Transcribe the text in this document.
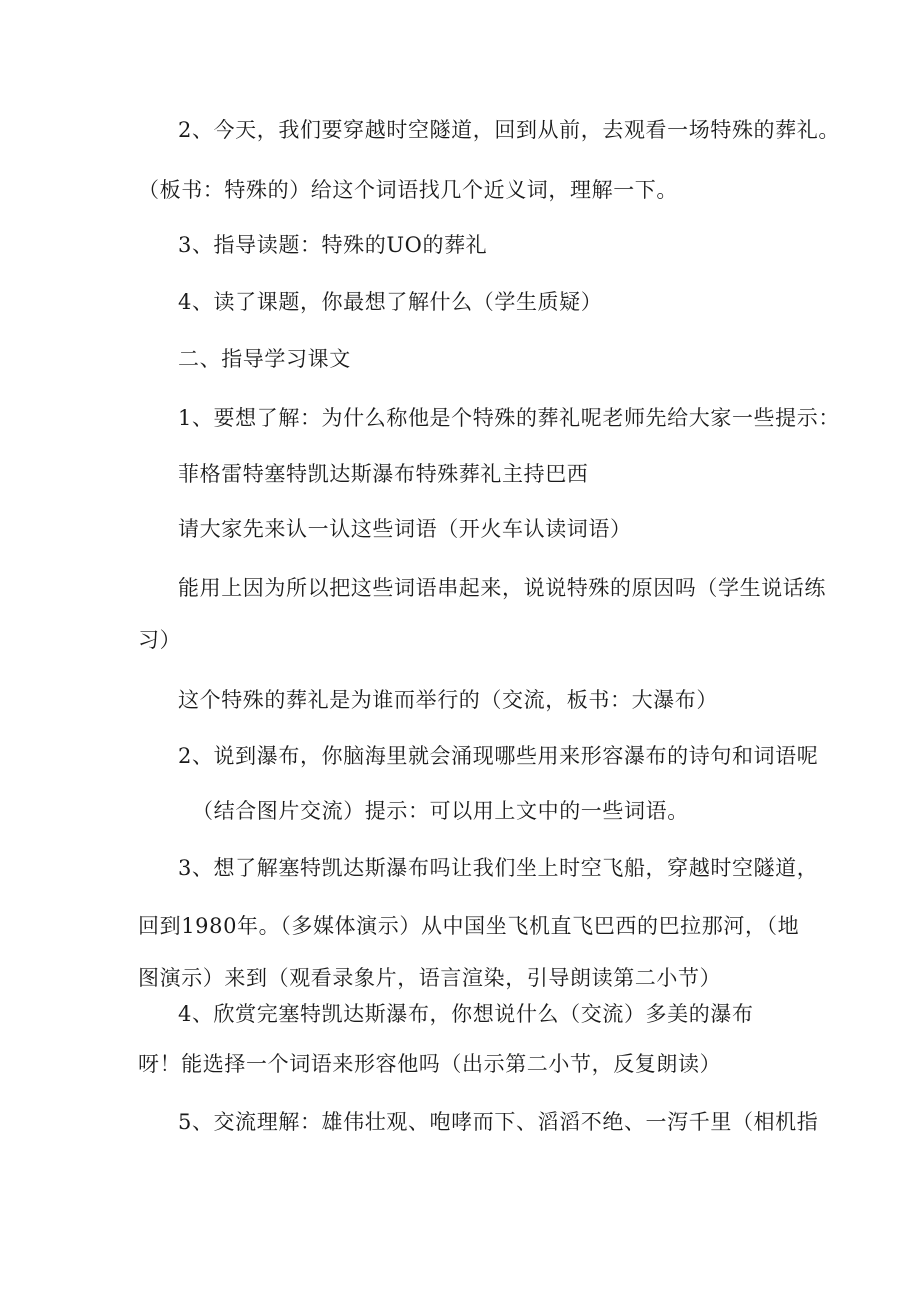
2、今天，我们要穿越时空隧道，回到从前，去观看一场特殊的葬礼。
（板书：特殊的）给这个词语找几个近义词，理解一下。
3、指导读题：特殊的UO的葬礼
4、读了课题，你最想了解什么（学生质疑）
二、指导学习课文
1、要想了解：为什么称他是个特殊的葬礼呢老师先给大家一些提示：
菲格雷特塞特凯达斯瀑布特殊葬礼主持巴西
请大家先来认一认这些词语（开火车认读词语）
能用上因为所以把这些词语串起来，说说特殊的原因吗（学生说话练
习）
这个特殊的葬礼是为谁而举行的（交流，板书：大瀑布）
2、说到瀑布，你脑海里就会涌现哪些用来形容瀑布的诗句和词语呢
（结合图片交流）提示：可以用上文中的一些词语。
3、想了解塞特凯达斯瀑布吗让我们坐上时空飞船，穿越时空隧道，
回到1980年。（多媒体演示）从中国坐飞机直飞巴西的巴拉那河，（地
图演示）来到（观看录象片，语言渲染，引导朗读第二小节）
4、欣赏完塞特凯达斯瀑布，你想说什么（交流）多美的瀑布
呀！能选择一个词语来形容他吗（出示第二小节，反复朗读）
5、交流理解：雄伟壮观、咆哮而下、滔滔不绝、一泻千里（相机指
